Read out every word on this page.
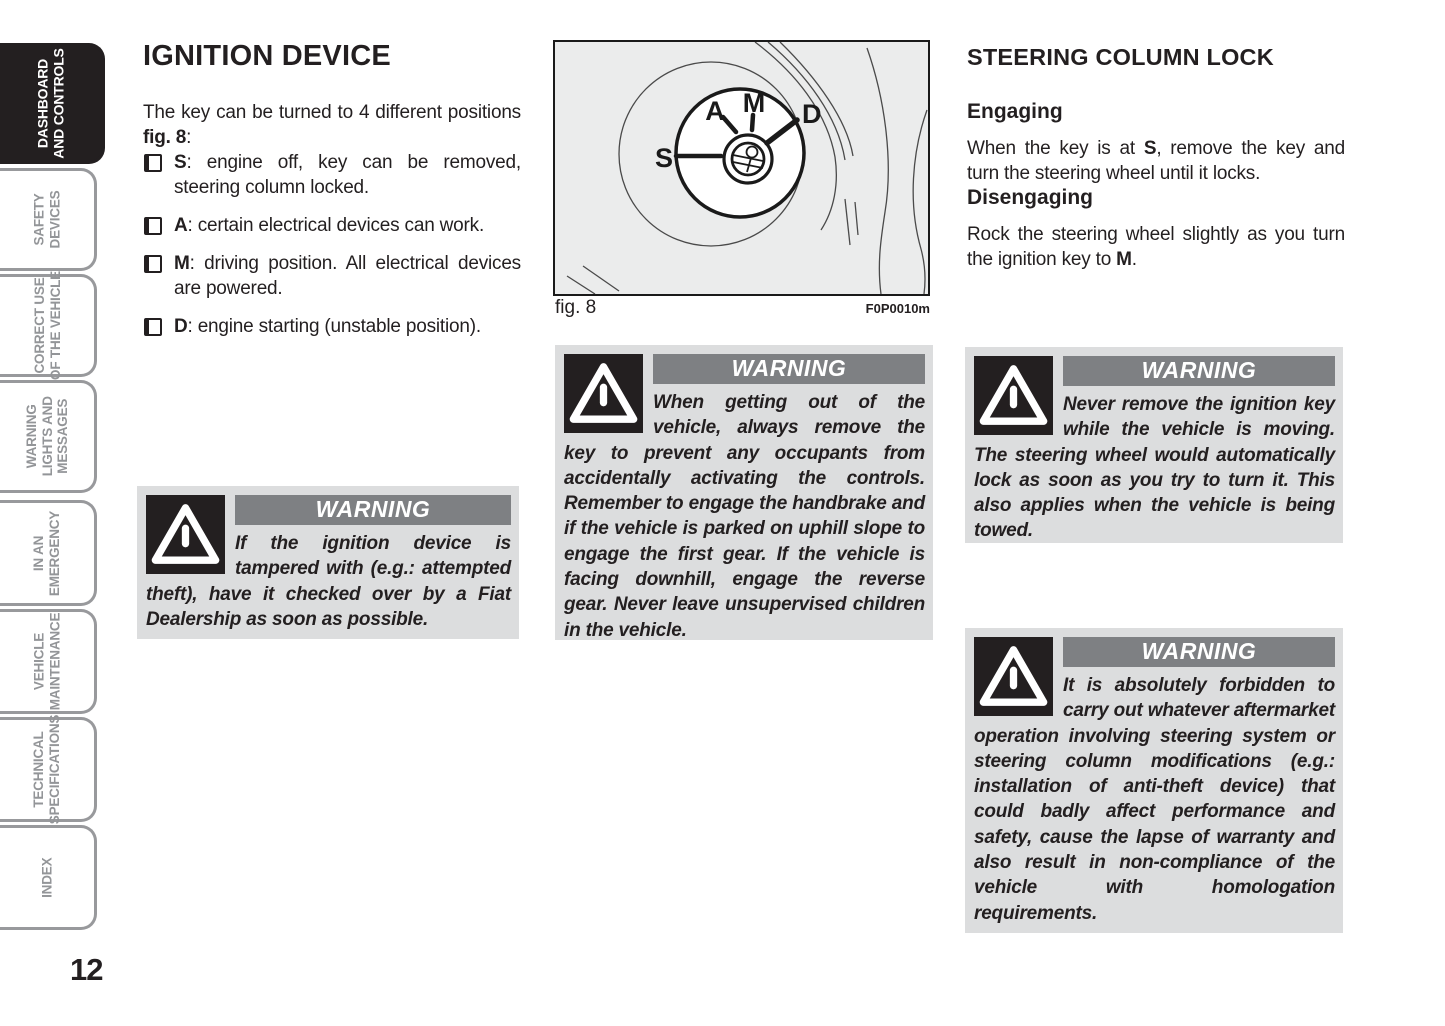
DASHBOARD AND CONTROLS
SAFETY DEVICES
CORRECT USE OF THE VEHICLE
WARNING LIGHTS AND MESSAGES
IN AN EMERGENCY
VEHICLE MAINTENANCE
TECHNICAL SPECIFICATIONS
INDEX
12
IGNITION DEVICE

The key can be turned to 4 different positions fig. 8:

S: engine off, key can be removed, steering column locked.
A: certain electrical devices can work.
M: driving position. All electrical devices are powered.
D: engine starting (unstable position).
WARNING

If the ignition device is tampered with (e.g.: attempted theft), have it checked over by a Fiat Dealership as soon as possible.

S
A M D
fig. 8	F0P0010m
WARNING

When getting out of the vehicle, always remove the key to prevent any occupants from accidentally activating the controls. Remember to engage the handbrake and if the vehicle is parked on uphill slope to engage the first gear. If the vehicle is facing downhill, engage the reverse gear. Never leave unsupervised children in the vehicle.

STEERING COLUMN LOCK
Engaging

When the key is at S, remove the key and turn the steering wheel until it locks.

Disengaging

Rock the steering wheel slightly as you turn the ignition key to M.

WARNING

Never remove the ignition key while the vehicle is moving. The steering wheel would automatically lock as soon as you try to turn it. This also applies when the vehicle is being towed.

WARNING

It is absolutely forbidden to carry out whatever aftermarket operation involving steering system or steering column modifications (e.g.: installation of anti-theft device) that could badly affect performance and safety, cause the lapse of warranty and also result in non-compliance of the vehicle with homologation requirements.
